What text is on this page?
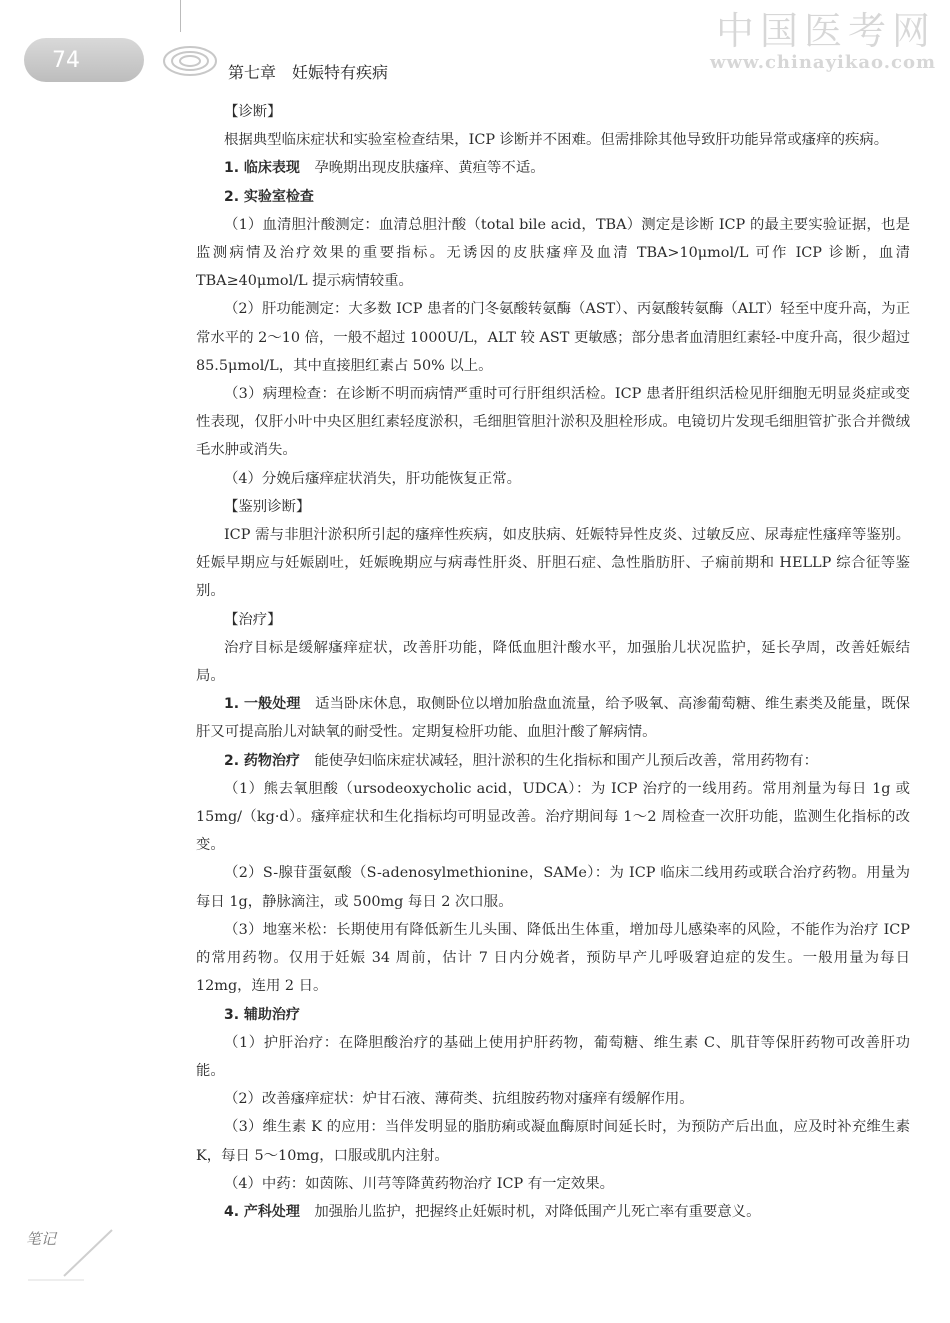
74	第七章　妊娠特有疾病
中国医考网
www.chinayikao.com

【诊断】

根据典型临床症状和实验室检查结果，ICP 诊断并不困难。但需排除其他导致肝功能异常或瘙痒的疾病。

1. 临床表现　 孕晚期出现皮肤瘙痒、黄疸等不适。

2. 实验室检查

（1）血清胆汁酸测定：血清总胆汁酸（total bile acid，TBA）测定是诊断 ICP 的最主要实验证据，也是监测病情及治疗效果的重要指标。无诱因的皮肤瘙痒及血清 TBA>10μmol/L 可作 ICP 诊断，血清 TBA≥40μmol/L 提示病情较重。

（2）肝功能测定：大多数 ICP 患者的门冬氨酸转氨酶（AST）、丙氨酸转氨酶（ALT）轻至中度升高，为正常水平的 2～10 倍，一般不超过 1000U/L，ALT 较 AST 更敏感；部分患者血清胆红素轻-中度升高，很少超过 85.5μmol/L，其中直接胆红素占 50% 以上。

（3）病理检查：在诊断不明而病情严重时可行肝组织活检。ICP 患者肝组织活检见肝细胞无明显炎症或变性表现，仅肝小叶中央区胆红素轻度淤积，毛细胆管胆汁淤积及胆栓形成。电镜切片发现毛细胆管扩张合并微绒毛水肿或消失。

（4）分娩后瘙痒症状消失，肝功能恢复正常。

【鉴别诊断】

ICP 需与非胆汁淤积所引起的瘙痒性疾病，如皮肤病、妊娠特异性皮炎、过敏反应、尿毒症性瘙痒等鉴别。妊娠早期应与妊娠剧吐，妊娠晚期应与病毒性肝炎、肝胆石症、急性脂肪肝、子痫前期和 HELLP 综合征等鉴别。

【治疗】

治疗目标是缓解瘙痒症状，改善肝功能，降低血胆汁酸水平，加强胎儿状况监护，延长孕周，改善妊娠结局。

1. 一般处理　 适当卧床休息，取侧卧位以增加胎盘血流量，给予吸氧、高渗葡萄糖、维生素类及能量，既保肝又可提高胎儿对缺氧的耐受性。定期复检肝功能、血胆汁酸了解病情。

2. 药物治疗　 能使孕妇临床症状减轻，胆汁淤积的生化指标和围产儿预后改善，常用药物有：

（1）熊去氧胆酸（ursodeoxycholic acid，UDCA）：为 ICP 治疗的一线用药。常用剂量为每日 1g 或 15mg/（kg·d）。瘙痒症状和生化指标均可明显改善。治疗期间每 1～2 周检查一次肝功能，监测生化指标的改变。

（2）S-腺苷蛋氨酸（S-adenosylmethionine，SAMe）：为 ICP 临床二线用药或联合治疗药物。用量为每日 1g，静脉滴注，或 500mg 每日 2 次口服。

（3）地塞米松：长期使用有降低新生儿头围、降低出生体重，增加母儿感染率的风险，不能作为治疗 ICP 的常用药物。仅用于妊娠 34 周前，估计 7 日内分娩者，预防早产儿呼吸窘迫症的发生。一般用量为每日 12mg，连用 2 日。

3. 辅助治疗

（1）护肝治疗：在降胆酸治疗的基础上使用护肝药物，葡萄糖、维生素 C、肌苷等保肝药物可改善肝功能。

（2）改善瘙痒症状：炉甘石液、薄荷类、抗组胺药物对瘙痒有缓解作用。

（3）维生素 K 的应用：当伴发明显的脂肪痢或凝血酶原时间延长时，为预防产后出血，应及时补充维生素 K，每日 5～10mg，口服或肌内注射。

（4）中药：如茵陈、川芎等降黄药物治疗 ICP 有一定效果。

4. 产科处理　 加强胎儿监护，把握终止妊娠时机，对降低围产儿死亡率有重要意义。

笔记
